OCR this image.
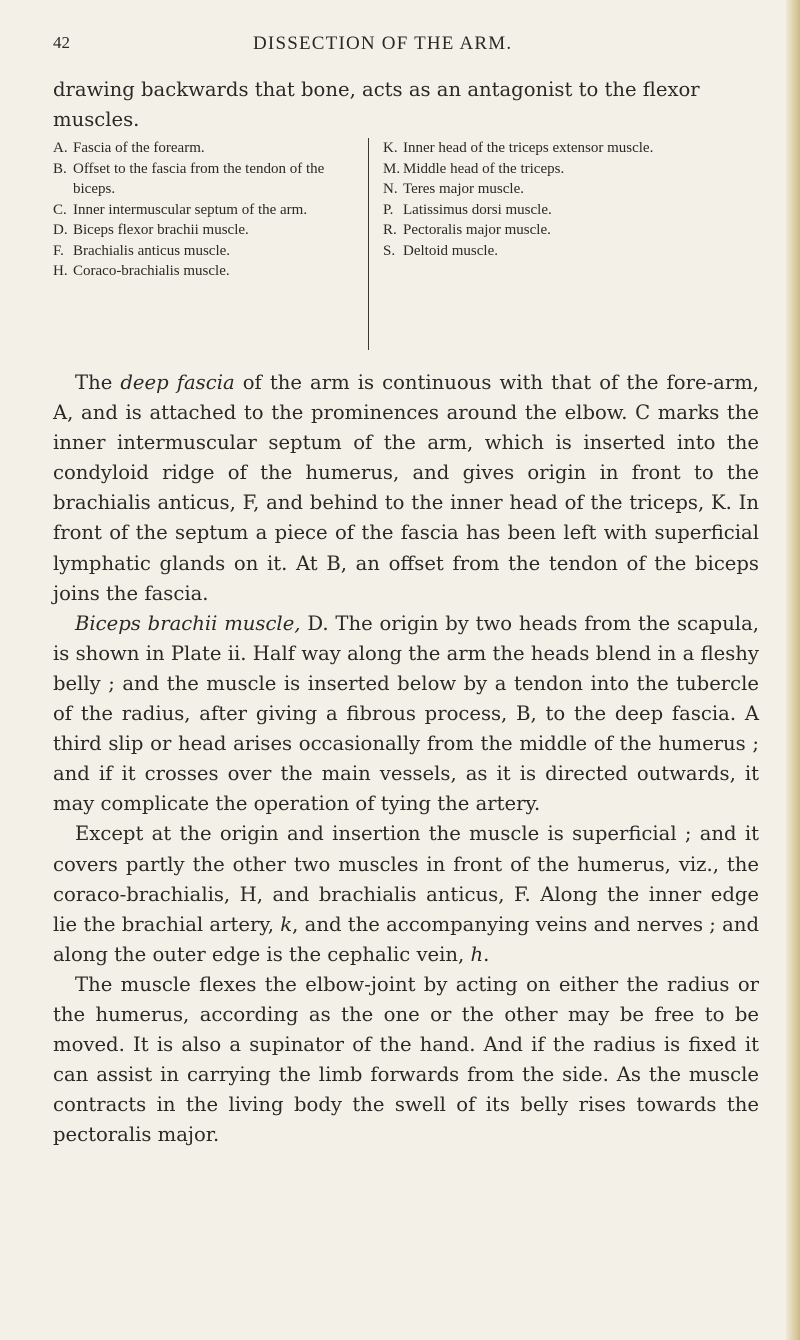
42	DISSECTION OF THE ARM.

drawing backwards that bone, acts as an antagonist to the flexor muscles.

A. Fascia of the forearm.
B. Offset to the fascia from the tendon of the biceps.
C. Inner intermuscular septum of the arm.
D. Biceps flexor brachii muscle.
F. Brachialis anticus muscle.
H. Coraco-brachialis muscle.
K. Inner head of the triceps extensor muscle.
M. Middle head of the triceps.
N. Teres major muscle.
P. Latissimus dorsi muscle.
R. Pectoralis major muscle.
S. Deltoid muscle.

The deep fascia of the arm is continuous with that of the fore-arm, A, and is attached to the prominences around the elbow. C marks the inner intermuscular septum of the arm, which is inserted into the condyloid ridge of the humerus, and gives origin in front to the brachialis anticus, F, and behind to the inner head of the triceps, K. In front of the septum a piece of the fascia has been left with superficial lymphatic glands on it. At B, an offset from the tendon of the biceps joins the fascia.

Biceps brachii muscle, D. The origin by two heads from the scapula, is shown in Plate ii. Half way along the arm the heads blend in a fleshy belly ; and the muscle is inserted below by a tendon into the tubercle of the radius, after giving a fibrous process, B, to the deep fascia. A third slip or head arises occasionally from the middle of the humerus ; and if it crosses over the main vessels, as it is directed outwards, it may complicate the operation of tying the artery.

Except at the origin and insertion the muscle is superficial ; and it covers partly the other two muscles in front of the humerus, viz., the coraco-brachialis, H, and brachialis anticus, F. Along the inner edge lie the brachial artery, k, and the accompanying veins and nerves ; and along the outer edge is the cephalic vein, h.

The muscle flexes the elbow-joint by acting on either the radius or the humerus, according as the one or the other may be free to be moved. It is also a supinator of the hand. And if the radius is fixed it can assist in carrying the limb forwards from the side. As the muscle contracts in the living body the swell of its belly rises towards the pectoralis major.
